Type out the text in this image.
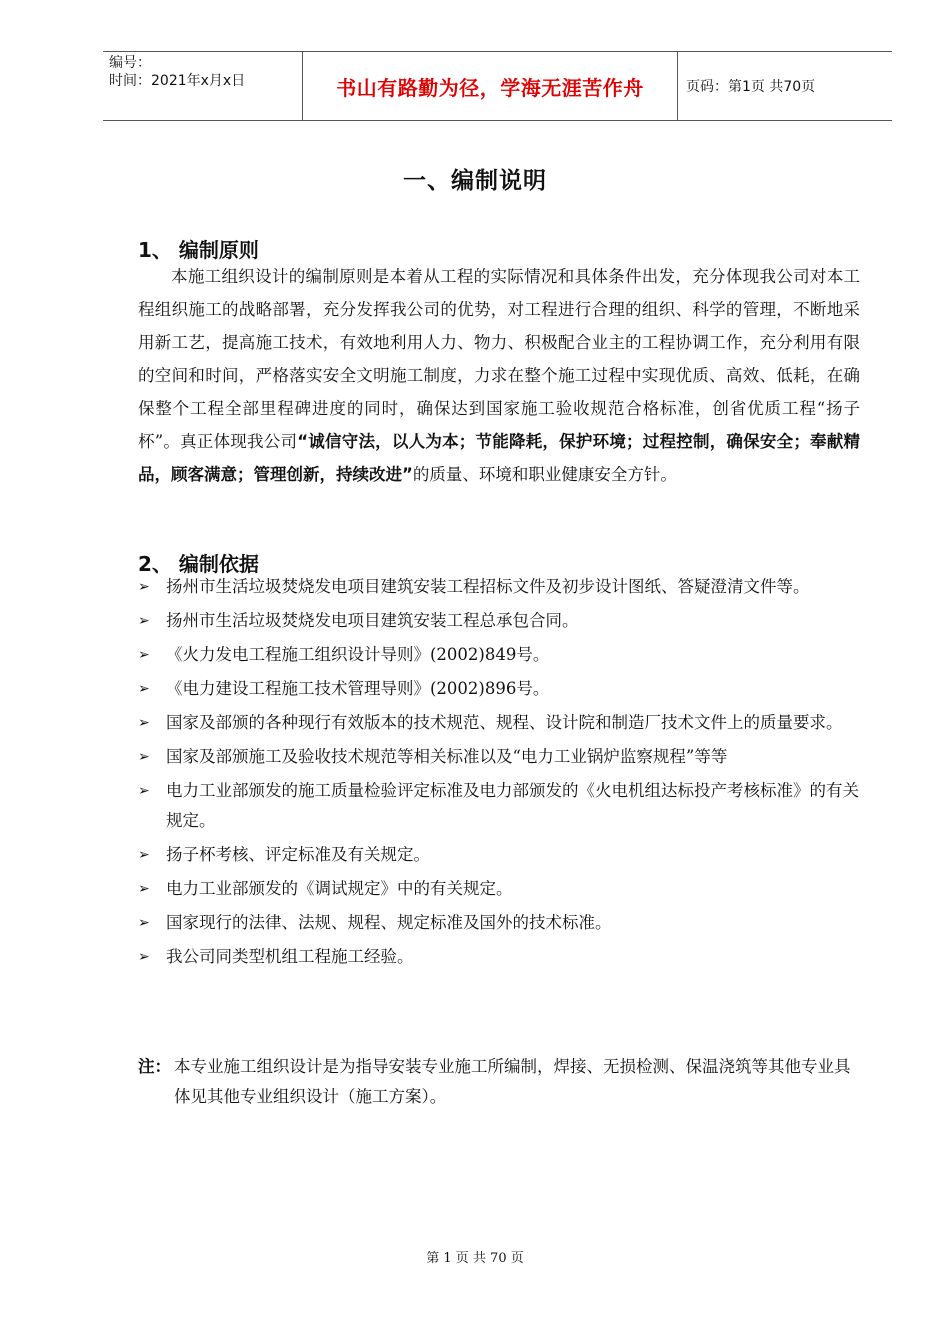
编号：
时间：2021年x月x日	书山有路勤为径，学海无涯苦作舟	页码：第1页 共70页
一、编制说明
1、 编制原则
本施工组织设计的编制原则是本着从工程的实际情况和具体条件出发，充分体现我公司对本工程组织施工的战略部署，充分发挥我公司的优势，对工程进行合理的组织、科学的管理，不断地采用新工艺，提高施工技术，有效地利用人力、物力、积极配合业主的工程协调工作，充分利用有限的空间和时间，严格落实安全文明施工制度，力求在整个施工过程中实现优质、高效、低耗，在确保整个工程全部里程碑进度的同时，确保达到国家施工验收规范合格标准，创省优质工程“扬子杯”。真正体现我公司“诚信守法，以人为本；节能降耗，保护环境；过程控制，确保安全；奉献精品，顾客满意；管理创新，持续改进”的质量、环境和职业健康安全方针。
2、 编制依据
➢ 扬州市生活垃圾焚烧发电项目建筑安装工程招标文件及初步设计图纸、答疑澄清文件等。
➢ 扬州市生活垃圾焚烧发电项目建筑安装工程总承包合同。
➢ 《火力发电工程施工组织设计导则》(2002)849号。
➢ 《电力建设工程施工技术管理导则》(2002)896号。
➢ 国家及部颁的各种现行有效版本的技术规范、规程、设计院和制造厂技术文件上的质量要求。
➢ 国家及部颁施工及验收技术规范等相关标准以及“电力工业锅炉监察规程”等等
➢ 电力工业部颁发的施工质量检验评定标准及电力部颁发的《火电机组达标投产考核标准》的有关规定。
➢ 扬子杯考核、评定标准及有关规定。
➢ 电力工业部颁发的《调试规定》中的有关规定。
➢ 国家现行的法律、法规、规程、规定标准及国外的技术标准。
➢ 我公司同类型机组工程施工经验。
注： 本专业施工组织设计是为指导安装专业施工所编制，焊接、无损检测、保温浇筑等其他专业具体见其他专业组织设计（施工方案）。
第 1 页 共 70 页
